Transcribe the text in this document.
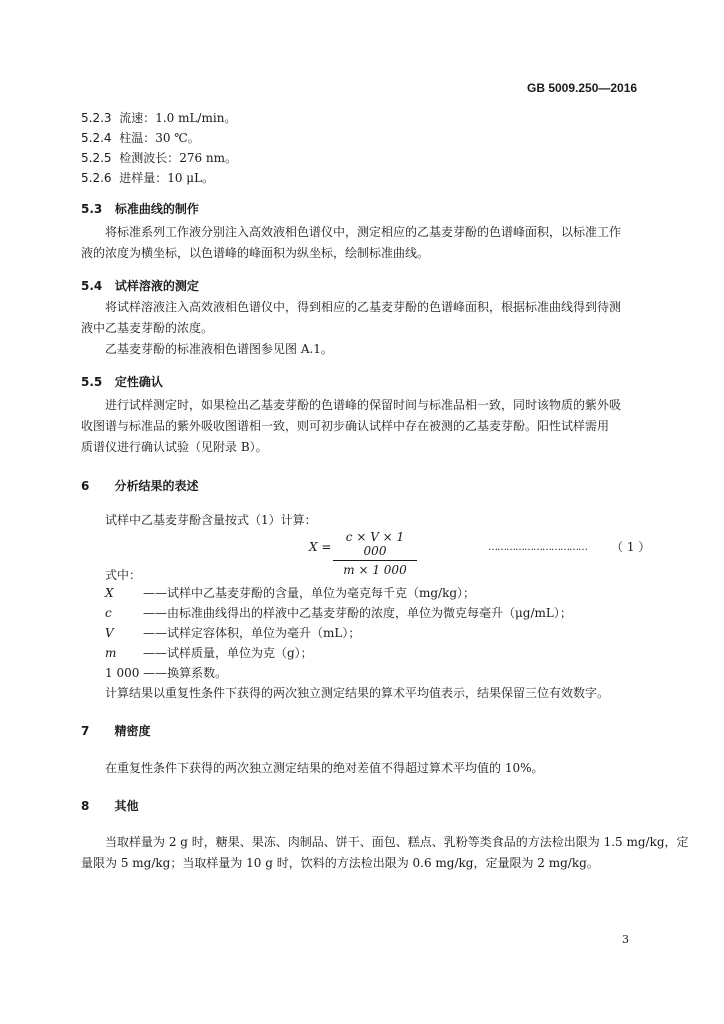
GB 5009.250—2016
5.2.3 流速：1.0 mL/min。
5.2.4 柱温：30 ℃。
5.2.5 检测波长：276 nm。
5.2.6 进样量：10 μL。
5.3 标准曲线的制作
将标准系列工作液分别注入高效液相色谱仪中，测定相应的乙基麦芽酚的色谱峰面积，以标准工作
液的浓度为横坐标，以色谱峰的峰面积为纵坐标，绘制标准曲线。
5.4 试样溶液的测定
将试样溶液注入高效液相色谱仪中，得到相应的乙基麦芽酚的色谱峰面积，根据标准曲线得到待测
液中乙基麦芽酚的浓度。
乙基麦芽酚的标准液相色谱图参见图 A.1。
5.5 定性确认
进行试样测定时，如果检出乙基麦芽酚的色谱峰的保留时间与标准品相一致，同时该物质的紫外吸
收图谱与标准品的紫外吸收图谱相一致，则可初步确认试样中存在被测的乙基麦芽酚。阳性试样需用
质谱仪进行确认试验（见附录 B）。
6 分析结果的表述
试样中乙基麦芽酚含量按式（1）计算：
X =
c × V × 1 000
m × 1 000
…………………………… （ 1 ）
式中：
X ——试样中乙基麦芽酚的含量，单位为毫克每千克（mg/kg）；
c	——由标准曲线得出的样液中乙基麦芽酚的浓度，单位为微克每毫升（μg/mL）；
V ——试样定容体积，单位为毫升（mL）；
m ——试样质量，单位为克（g）；
1 000 ——换算系数。
计算结果以重复性条件下获得的两次独立测定结果的算术平均值表示，结果保留三位有效数字。
7 精密度
在重复性条件下获得的两次独立测定结果的绝对差值不得超过算术平均值的 10%。
8 其他
当取样量为 2 g 时，糖果、果冻、肉制品、饼干、面包、糕点、乳粉等类食品的方法检出限为 1.5 mg/kg，定
量限为 5 mg/kg；当取样量为 10 g 时，饮料的方法检出限为 0.6 mg/kg，定量限为 2 mg/kg。
3
